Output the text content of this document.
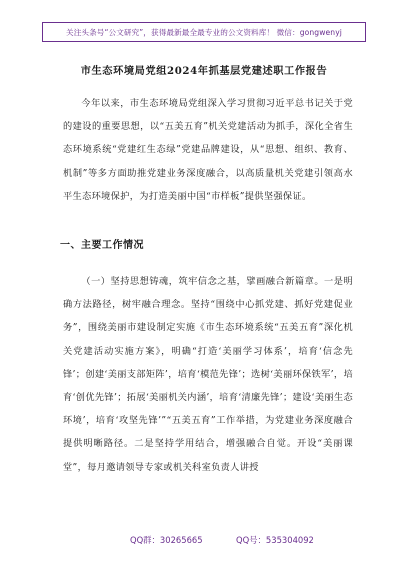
关注头条号“公文研究”，获得最新最全最专业的公文资料库！ 微信：gongwenyj
市生态环境局党组2024年抓基层党建述职工作报告
今年以来，市生态环境局党组深入学习贯彻习近平总书记关于党的建设的重要思想，以“五美五育”机关党建活动为抓手，深化全省生态环境系统“党建红生态绿”党建品牌建设，从“思想、组织、教育、机制”等多方面助推党建业务深度融合，以高质量机关党建引领高水平生态环境保护，为打造美丽中国“市样板”提供坚强保证。
一、主要工作情况
（一）坚持思想铸魂，筑牢信念之基，擘画融合新篇章。一是明确方法路径，树牢融合理念。坚持“围绕中心抓党建、抓好党建促业务”，围绕美丽市建设制定实施《市生态环境系统“五美五育”深化机关党建活动实施方案》，明确“打造‘美丽学习体系’，培育‘信念先锋’；创建‘美丽支部矩阵’，培育‘模范先锋’；选树‘美丽环保铁军’，培育‘创优先锋’；拓展‘美丽机关内涵’，培育‘清廉先锋’；建设‘美丽生态环境’，培育‘攻坚先锋’”“五美五育”工作举措，为党建业务深度融合提供明晰路径。二是坚持学用结合，增强融合自觉。开设“美丽课堂”，每月邀请领导专家或机关科室负责人讲授
QQ群：30265665	QQ号：535304092
